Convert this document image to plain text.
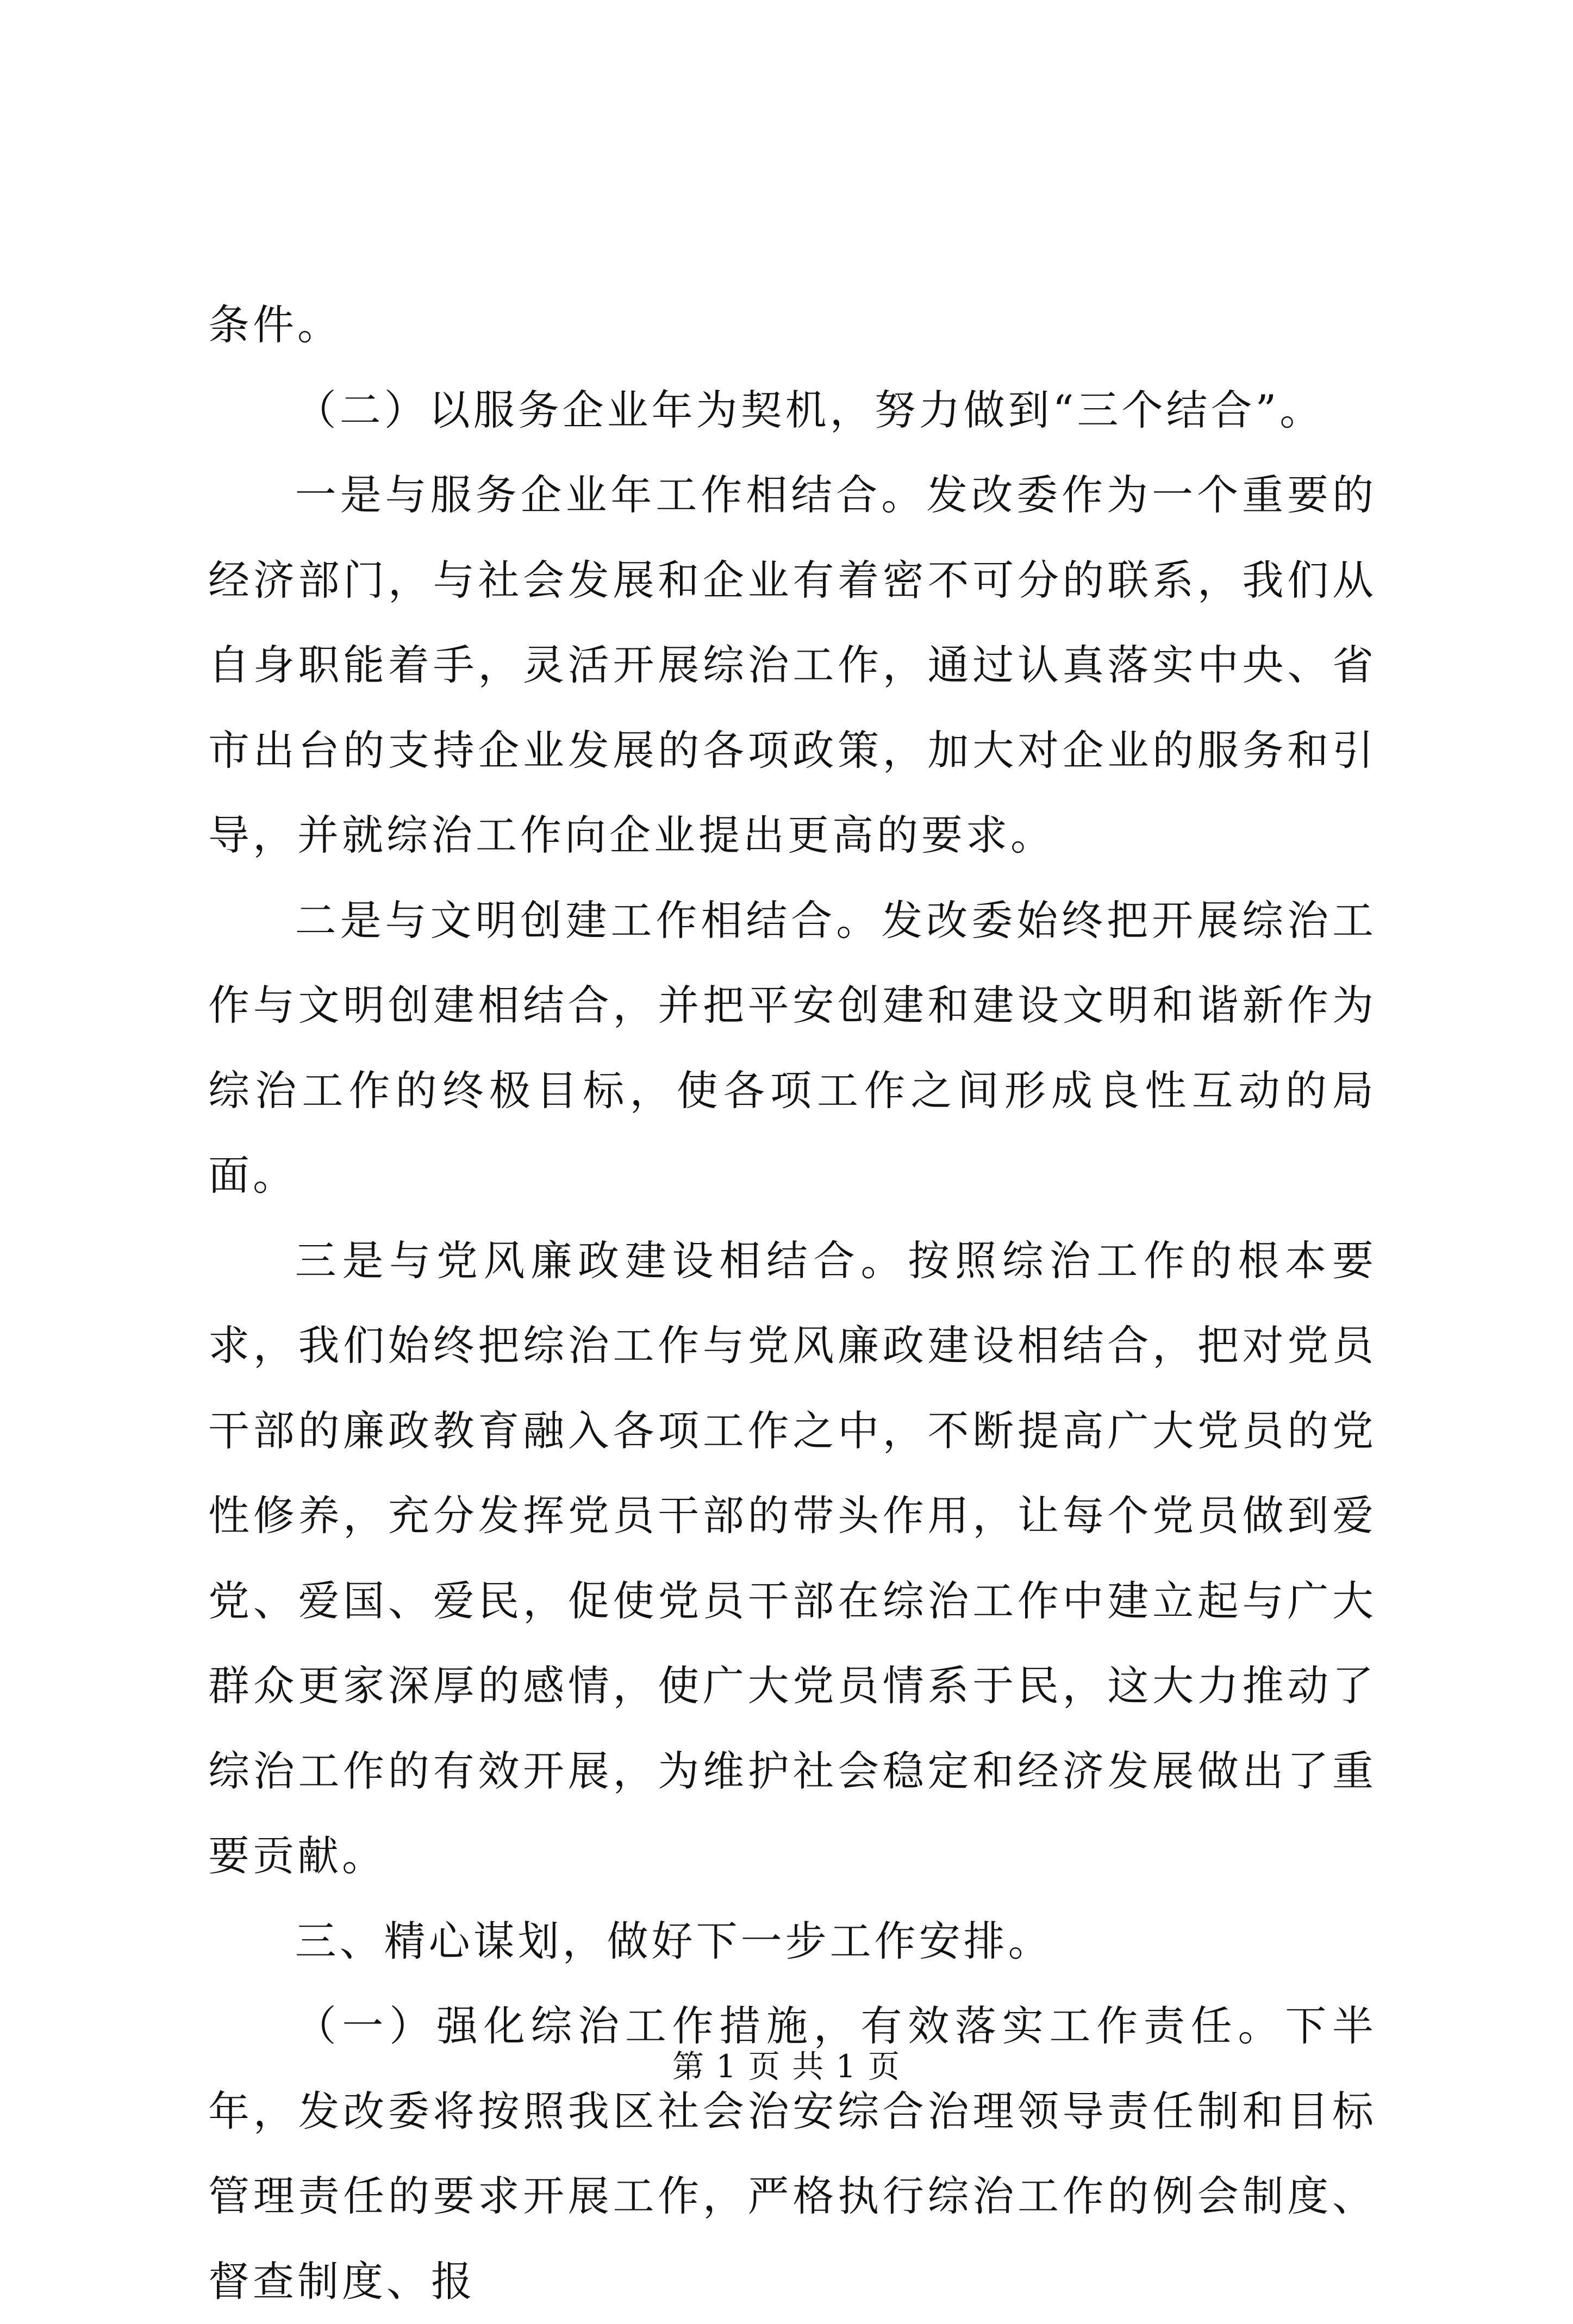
条件。

（二）以服务企业年为契机，努力做到“三个结合”。

一是与服务企业年工作相结合。发改委作为一个重要的经济部门，与社会发展和企业有着密不可分的联系，我们从自身职能着手，灵活开展综治工作，通过认真落实中央、省市出台的支持企业发展的各项政策，加大对企业的服务和引导，并就综治工作向企业提出更高的要求。

二是与文明创建工作相结合。发改委始终把开展综治工作与文明创建相结合，并把平安创建和建设文明和谐新作为综治工作的终极目标，使各项工作之间形成良性互动的局面。

三是与党风廉政建设相结合。按照综治工作的根本要求，我们始终把综治工作与党风廉政建设相结合，把对党员干部的廉政教育融入各项工作之中，不断提高广大党员的党性修养，充分发挥党员干部的带头作用，让每个党员做到爱党、爱国、爱民，促使党员干部在综治工作中建立起与广大群众更家深厚的感情，使广大党员情系于民，这大力推动了综治工作的有效开展，为维护社会稳定和经济发展做出了重要贡献。

三、精心谋划，做好下一步工作安排。

（一）强化综治工作措施，有效落实工作责任。下半年，发改委将按照我区社会治安综合治理领导责任制和目标管理责任的要求开展工作，严格执行综治工作的例会制度、督查制度、报

第 1 页 共 1 页
